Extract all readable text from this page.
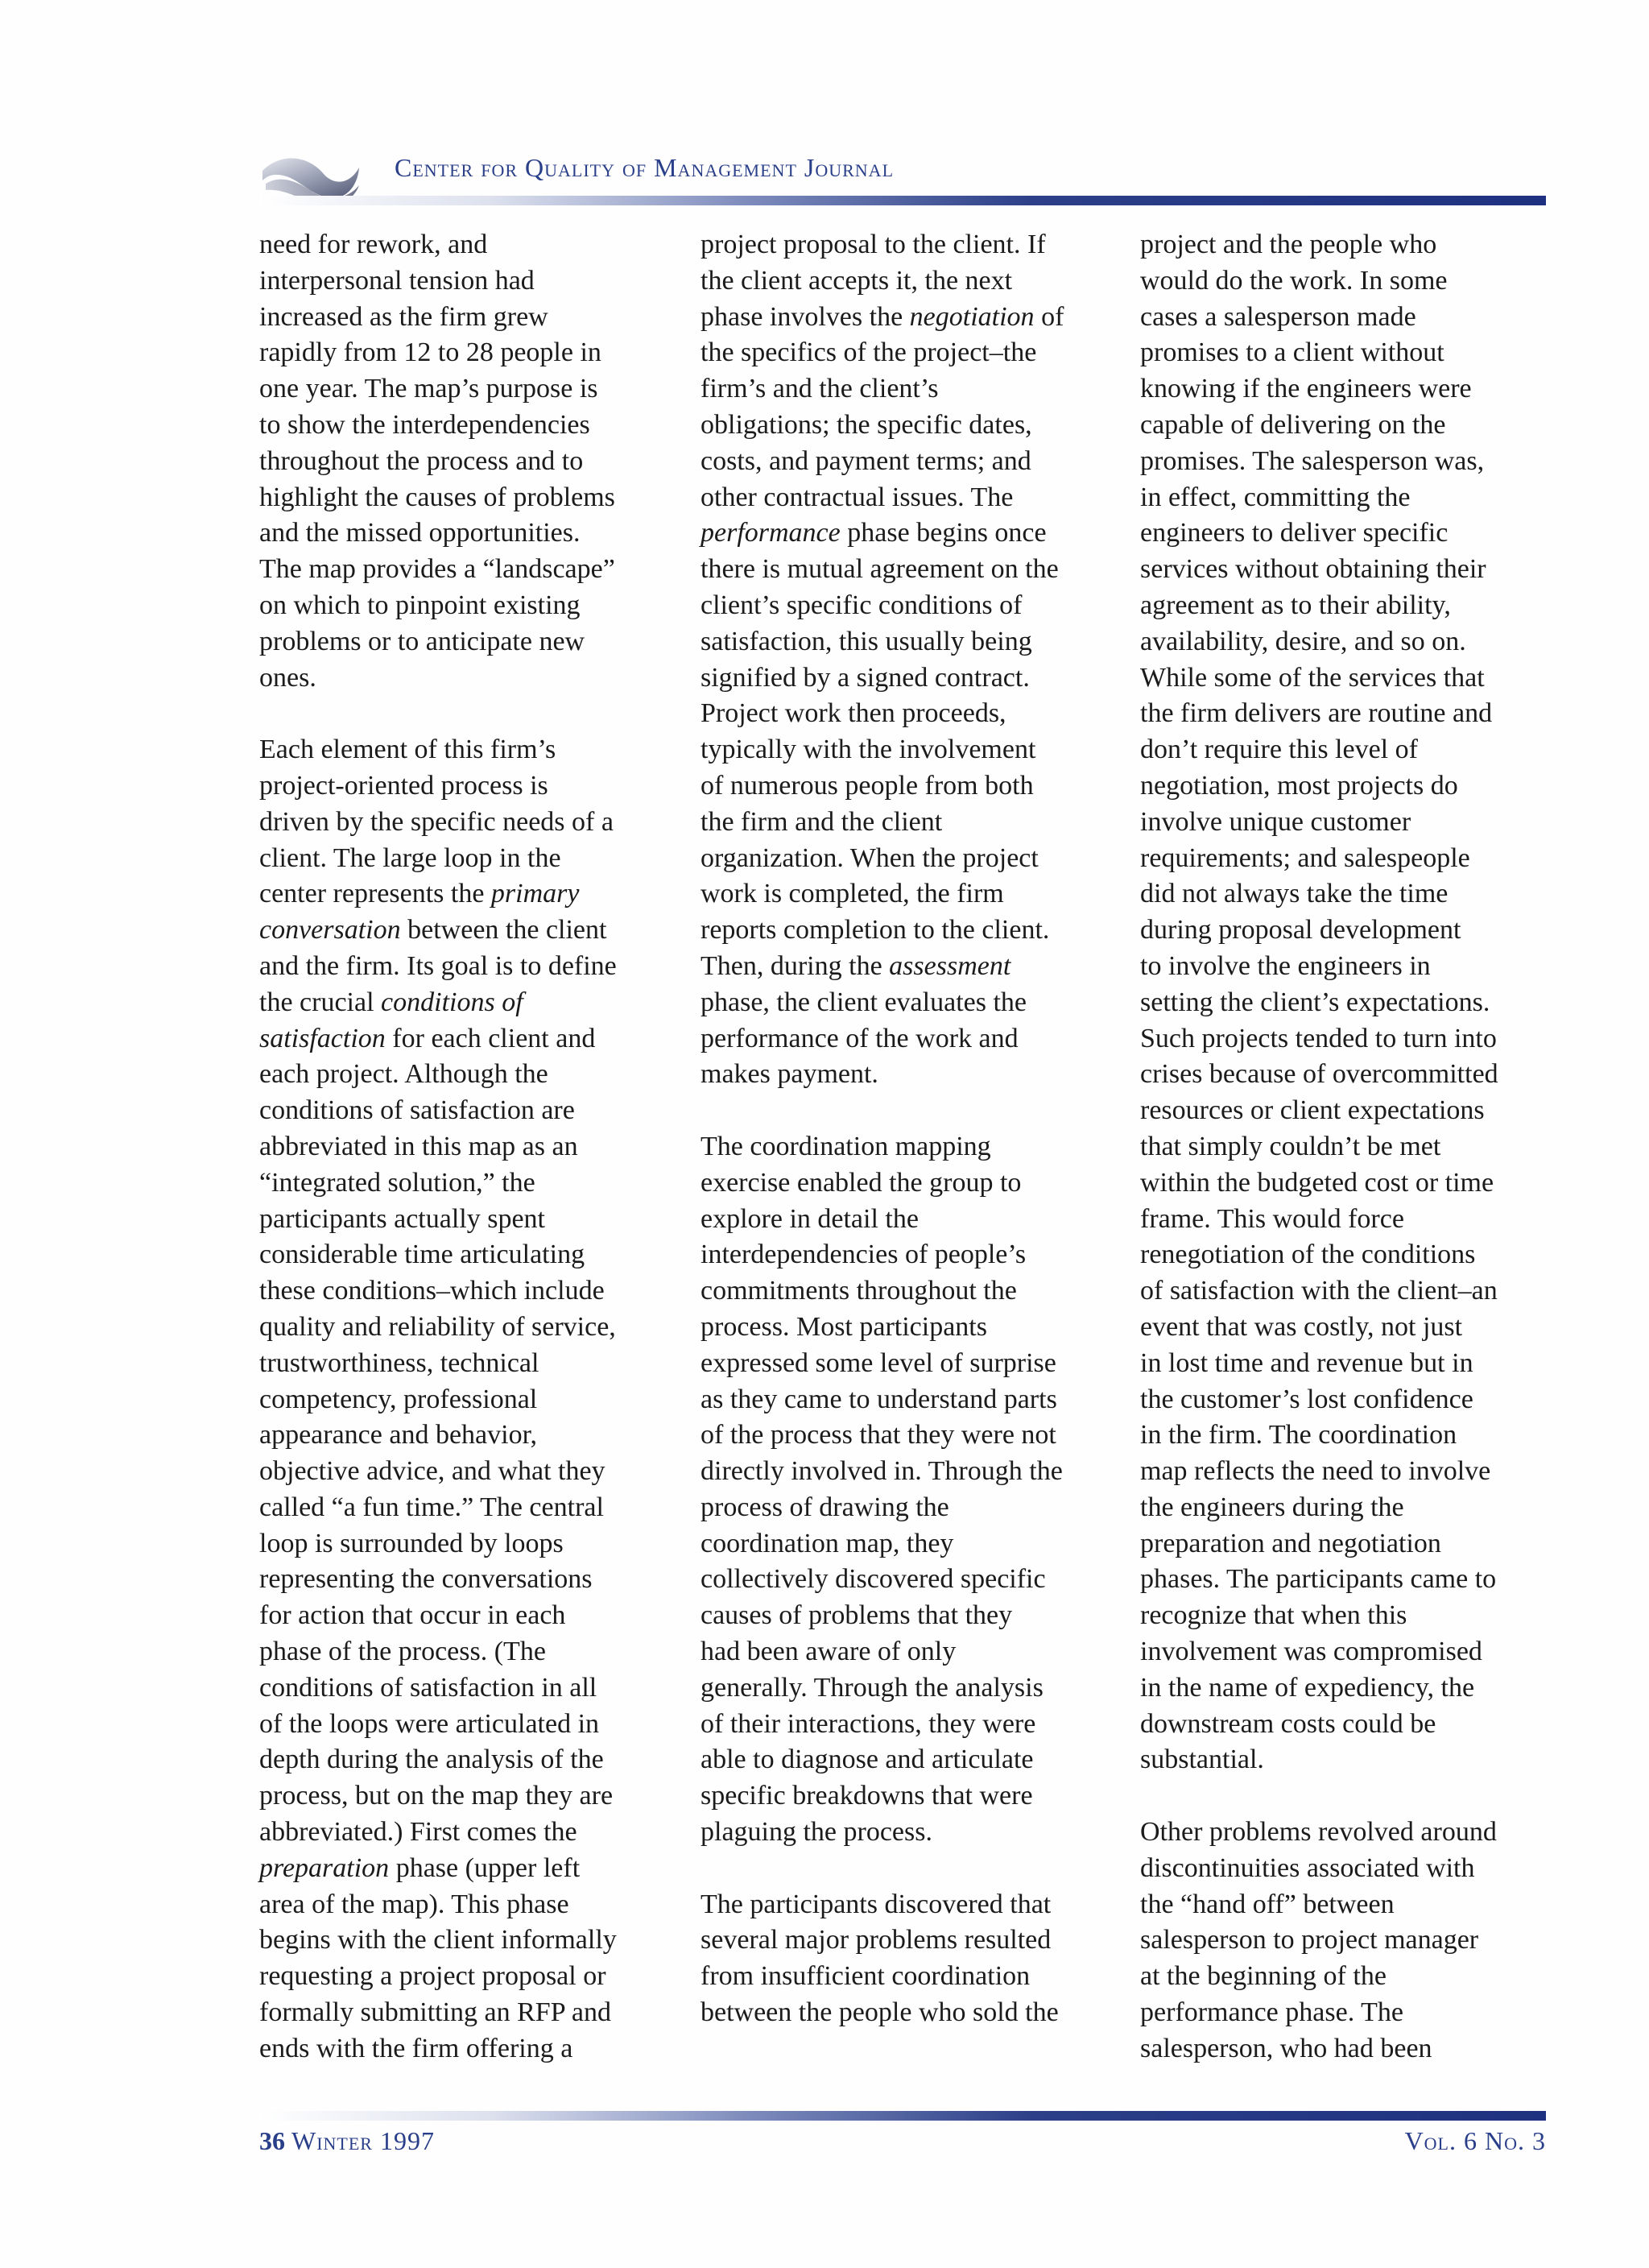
Center for Quality of Management Journal

need for rework, and
interpersonal tension had
increased as the firm grew
rapidly from 12 to 28 people in
one year. The map’s purpose is
to show the interdependencies
throughout the process and to
highlight the causes of problems
and the missed opportunities.
The map provides a “landscape”
on which to pinpoint existing
problems or to anticipate new
ones.

Each element of this firm’s
project-oriented process is
driven by the specific needs of a
client. The large loop in the
center represents the primary
conversation between the client
and the firm. Its goal is to define
the crucial conditions of
satisfaction for each client and
each project. Although the
conditions of satisfaction are
abbreviated in this map as an
“integrated solution,” the
participants actually spent
considerable time articulating
these conditions–which include
quality and reliability of service,
trustworthiness, technical
competency, professional
appearance and behavior,
objective advice, and what they
called “a fun time.” The central
loop is surrounded by loops
representing the conversations
for action that occur in each
phase of the process. (The
conditions of satisfaction in all
of the loops were articulated in
depth during the analysis of the
process, but on the map they are
abbreviated.) First comes the
preparation phase (upper left
area of the map). This phase
begins with the client informally
requesting a project proposal or
formally submitting an RFP and
ends with the firm offering a

project proposal to the client. If
the client accepts it, the next
phase involves the negotiation of
the specifics of the project–the
firm’s and the client’s
obligations; the specific dates,
costs, and payment terms; and
other contractual issues. The
performance phase begins once
there is mutual agreement on the
client’s specific conditions of
satisfaction, this usually being
signified by a signed contract.
Project work then proceeds,
typically with the involvement
of numerous people from both
the firm and the client
organization. When the project
work is completed, the firm
reports completion to the client.
Then, during the assessment
phase, the client evaluates the
performance of the work and
makes payment.

The coordination mapping
exercise enabled the group to
explore in detail the
interdependencies of people’s
commitments throughout the
process. Most participants
expressed some level of surprise
as they came to understand parts
of the process that they were not
directly involved in. Through the
process of drawing the
coordination map, they
collectively discovered specific
causes of problems that they
had been aware of only
generally. Through the analysis
of their interactions, they were
able to diagnose and articulate
specific breakdowns that were
plaguing the process.

The participants discovered that
several major problems resulted
from insufficient coordination
between the people who sold the

project and the people who
would do the work. In some
cases a salesperson made
promises to a client without
knowing if the engineers were
capable of delivering on the
promises. The salesperson was,
in effect, committing the
engineers to deliver specific
services without obtaining their
agreement as to their ability,
availability, desire, and so on.
While some of the services that
the firm delivers are routine and
don’t require this level of
negotiation, most projects do
involve unique customer
requirements; and salespeople
did not always take the time
during proposal development
to involve the engineers in
setting the client’s expectations.
Such projects tended to turn into
crises because of overcommitted
resources or client expectations
that simply couldn’t be met
within the budgeted cost or time
frame. This would force
renegotiation of the conditions
of satisfaction with the client–an
event that was costly, not just
in lost time and revenue but in
the customer’s lost confidence
in the firm. The coordination
map reflects the need to involve
the engineers during the
preparation and negotiation
phases. The participants came to
recognize that when this
involvement was compromised
in the name of expediency, the
downstream costs could be
substantial.

Other problems revolved around
discontinuities associated with
the “hand off” between
salesperson to project manager
at the beginning of the
performance phase. The
salesperson, who had been

36 Winter 1997	Vol. 6 No. 3
